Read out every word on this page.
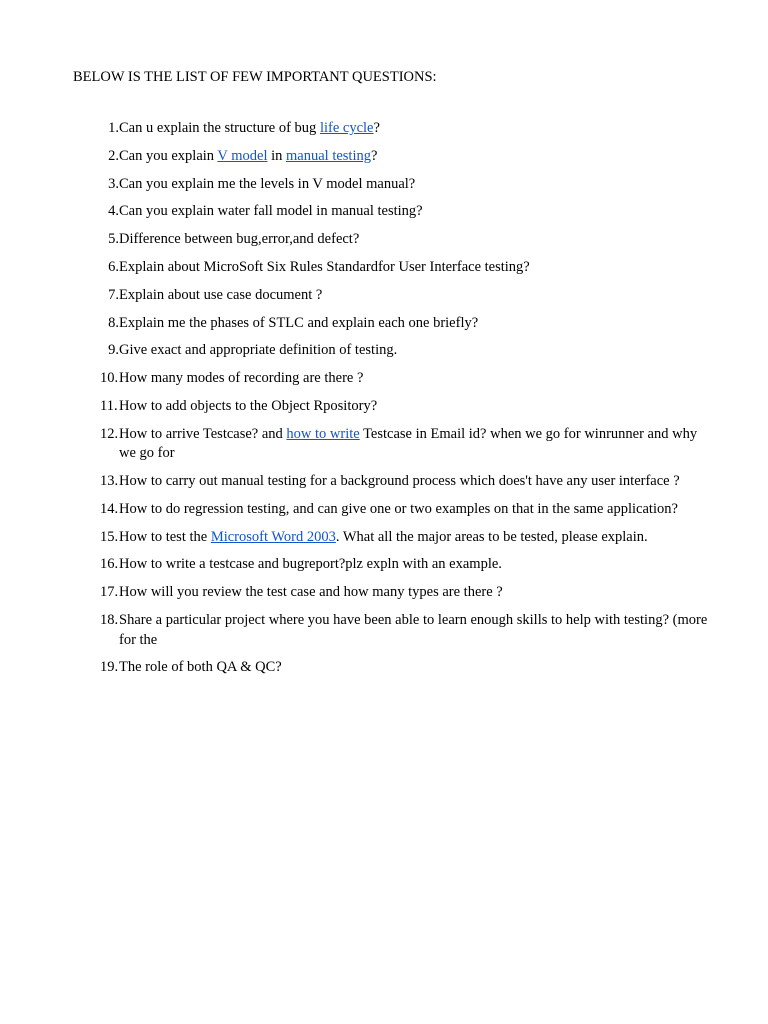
BELOW IS THE LIST OF FEW IMPORTANT QUESTIONS:
1. Can u explain the structure of bug life cycle?
2. Can you explain V model in manual testing?
3. Can you explain me the levels in V model manual?
4. Can you explain water fall model in manual testing?
5. Difference between bug,error,and defect?
6. Explain about MicroSoft Six Rules Standardfor User Interface testing?
7. Explain about use case document ?
8. Explain me the phases of STLC and explain each one briefly?
9. Give exact and appropriate definition of testing.
10. How many modes of recording are there ?
11. How to add objects to the Object Rpository?
12. How to arrive Testcase? and how to write Testcase in Email id? when we go for winrunner and why we go for
13. How to carry out manual testing for a background process which does't have any user interface ?
14. How to do regression testing, and can give one or two examples on that in the same application?
15. How to test the Microsoft Word 2003. What all the major areas to be tested, please explain.
16. How to write a testcase and bugreport?plz expln with an example.
17. How will you review the test case and how many types are there ?
18. Share a particular project where you have been able to learn enough skills to help with testing? (more for the
19. The role of both QA & QC?
